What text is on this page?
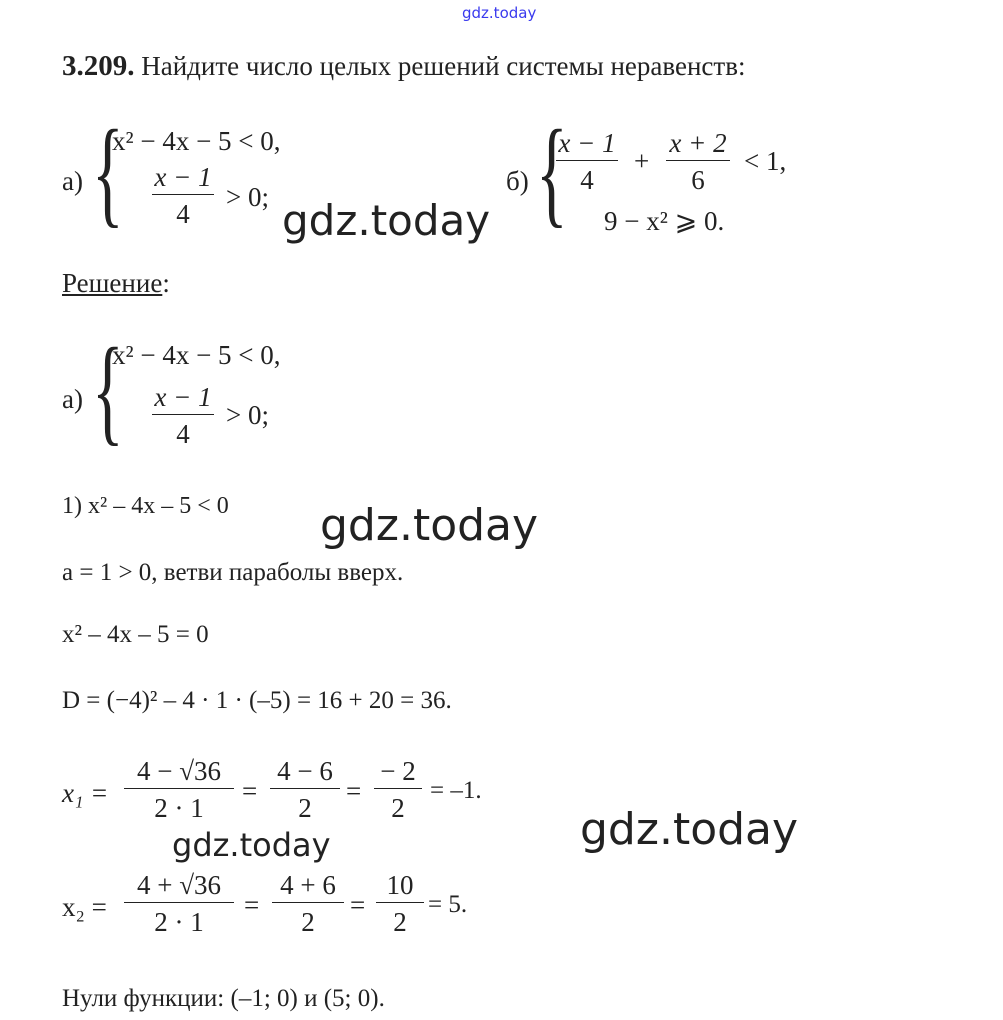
gdz.today
3.209. Найдите число целых решений системы неравенств:
а) {
x² − 4x − 5 < 0,
x − 1
4
> 0;
б) {
x − 1
4
+
x + 2
6
< 1,
9 − x² ⩾ 0.
gdz.today
Решение:
а) {
x² − 4x − 5 < 0,
x − 1
4
> 0;
1) x² – 4x – 5 < 0 gdz.today
a = 1 > 0, ветви параболы вверх.
x² – 4x – 5 = 0
D = (−4)² – 4 · 1 · (–5) = 16 + 20 = 36.
x₁ =
4 − √36
2 · 1
=
4 − 6
2
=
− 2
2
= –1.
gdz.today
gdz.today
x₂ =
4 + √36
2 · 1
=
4 + 6
2
=
10
2
= 5.
Нули функции: (–1; 0) и (5; 0).
